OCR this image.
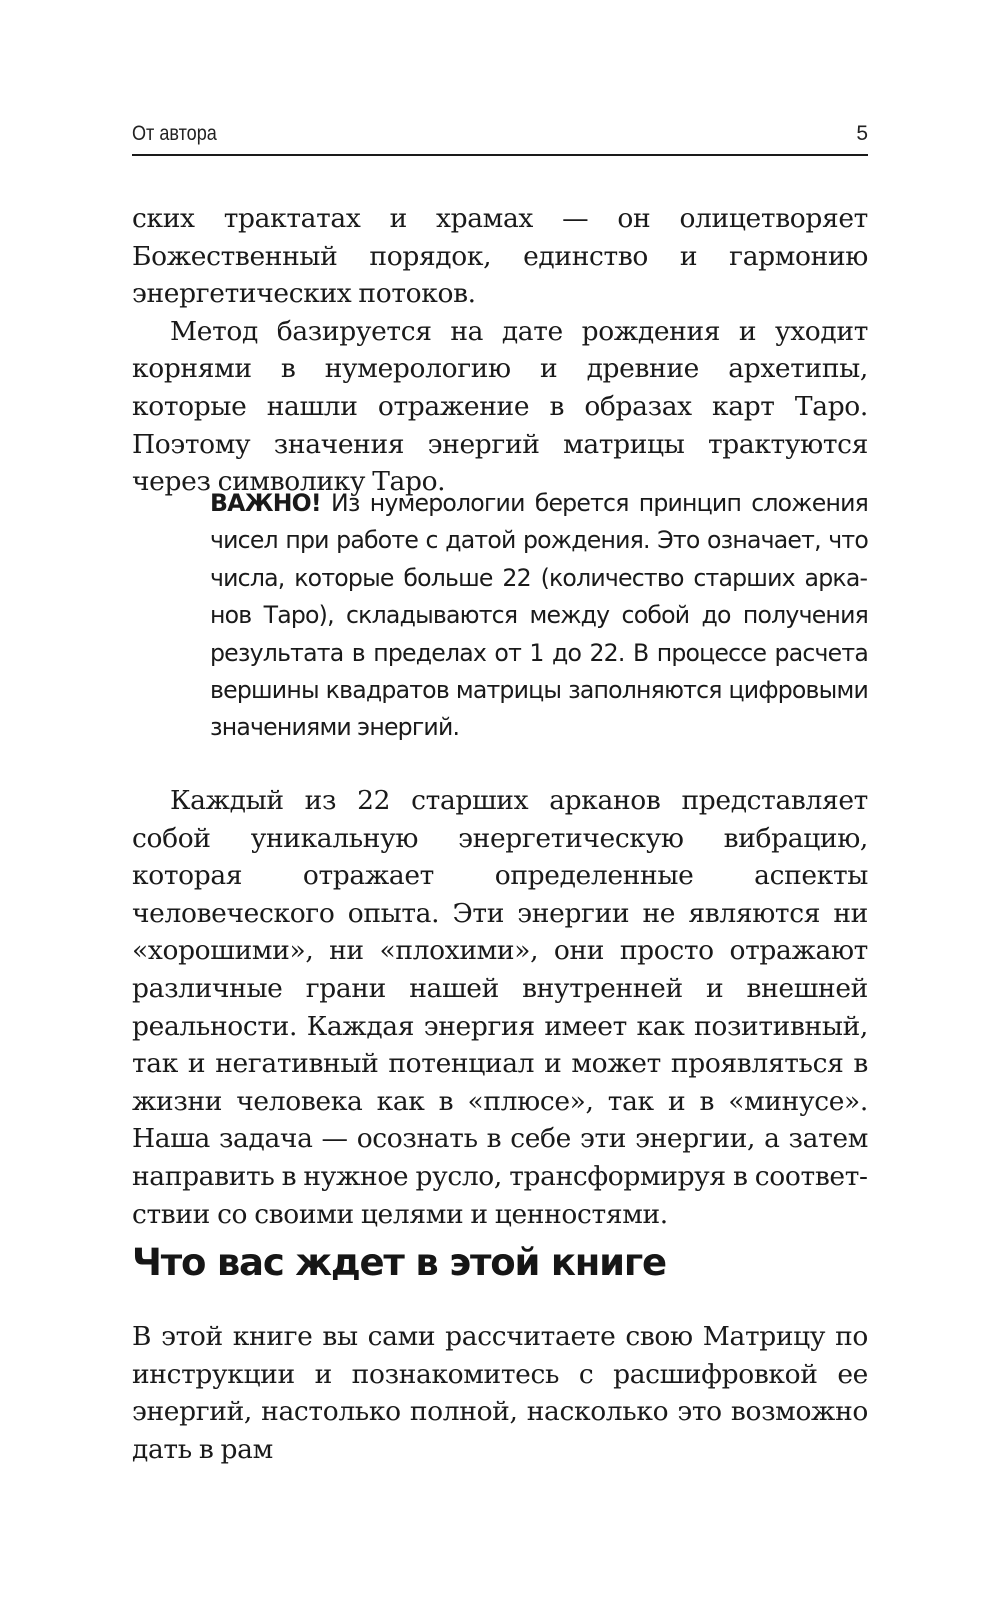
От автора	5

ских трактатах и храмах — он олицетворяет Божественный порядок, единство и гармонию энергетических потоков.

Метод базируется на дате рождения и уходит корнями в нумерологию и древние архетипы, которые нашли отражение в образах карт Таро. Поэтому значения энергий матрицы трактуются через символику Таро.

ВАЖНО! Из нумерологии берется принцип сложения чисел при работе с датой рождения. Это означает, что числа, которые больше 22 (количество старших арканов Таро), складываются между собой до получения результата в пределах от 1 до 22. В процессе расчета вершины квадратов матрицы заполняются цифровыми значениями энергий.

Каждый из 22 старших арканов представляет собой уникальную энергетическую вибрацию, которая отражает определенные аспекты человеческого опыта. Эти энергии не являются ни «хорошими», ни «плохими», они просто отражают различные грани нашей внутренней и внешней реальности. Каждая энергия имеет как позитивный, так и негативный потенциал и может проявляться в жизни человека как в «плюсе», так и в «минусе». Наша задача — осознать в себе эти энергии, а затем направить в нужное русло, трансформируя в соответствии со своими целями и ценностями.

Что вас ждет в этой книге

В этой книге вы сами рассчитаете свою Матрицу по инструкции и познакомитесь с расшифровкой ее энергий, настолько полной, насколько это возможно дать в рам
